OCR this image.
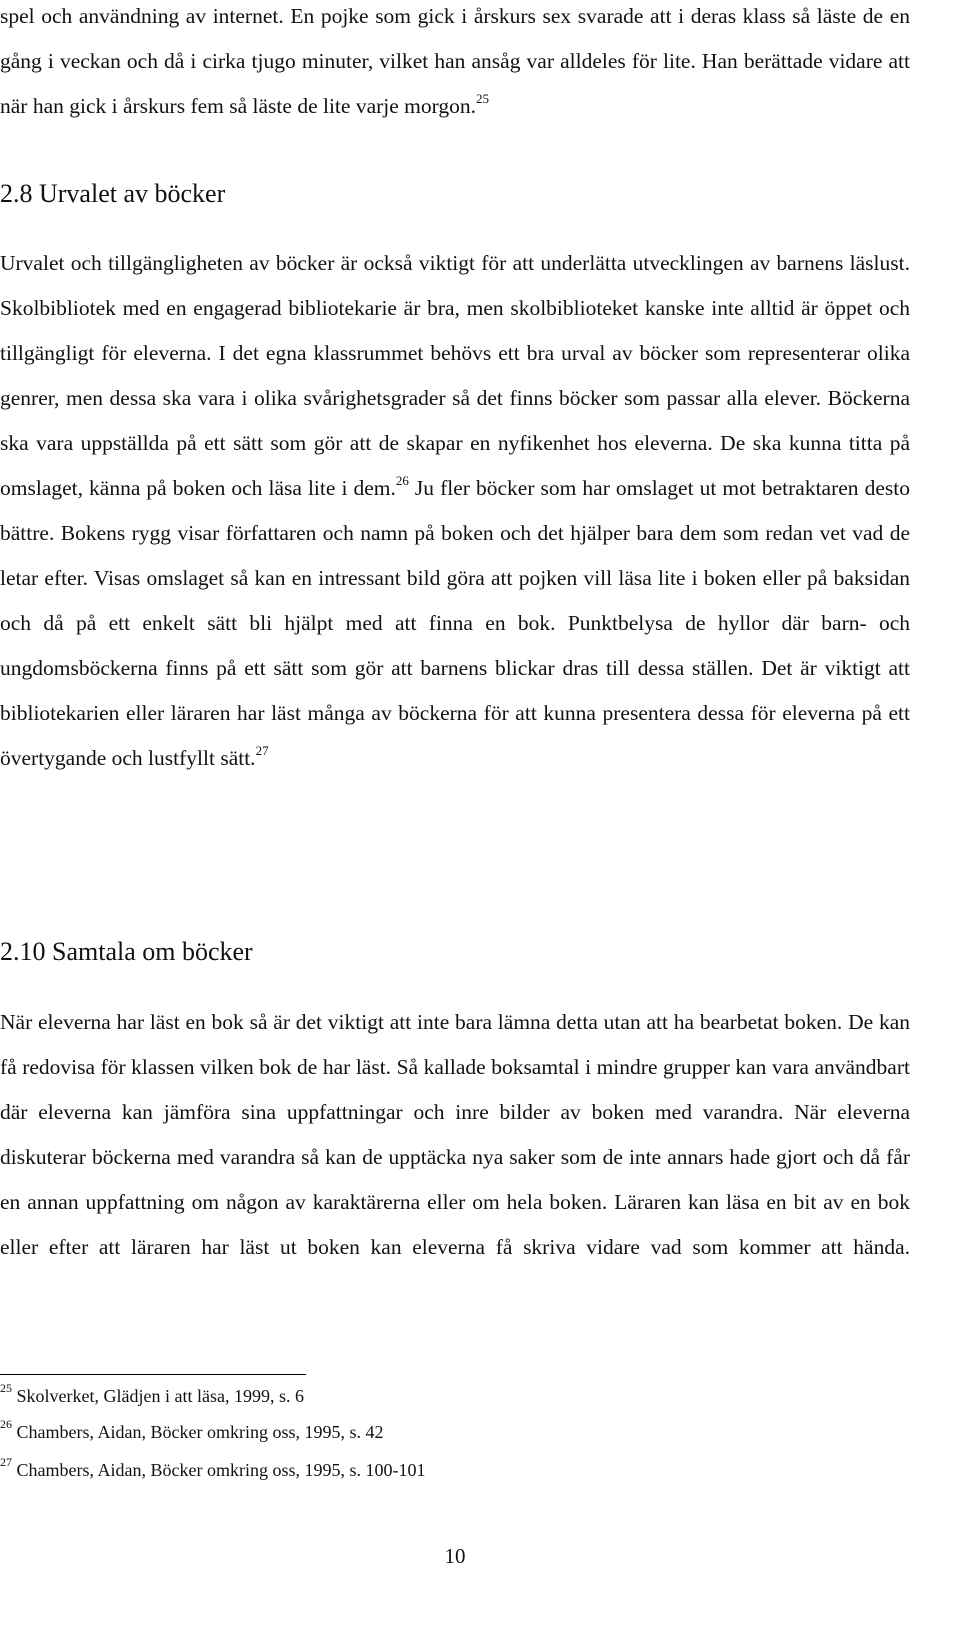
spel och användning av internet. En pojke som gick i årskurs sex svarade att i deras klass så läste de en gång i veckan och då i cirka tjugo minuter, vilket han ansåg var alldeles för lite. Han berättade vidare att när han gick i årskurs fem så läste de lite varje morgon.$^{25}$

2.8 Urvalet av böcker

Urvalet och tillgängligheten av böcker är också viktigt för att underlätta utvecklingen av barnens läslust. Skolbibliotek med en engagerad bibliotekarie är bra, men skolbiblioteket kanske inte alltid är öppet och tillgängligt för eleverna. I det egna klassrummet behövs ett bra urval av böcker som representerar olika genrer, men dessa ska vara i olika svårighetsgrader så det finns böcker som passar alla elever. Böckerna ska vara uppställda på ett sätt som gör att de skapar en nyfikenhet hos eleverna. De ska kunna titta på omslaget, känna på boken och läsa lite i dem.$^{26}$ Ju fler böcker som har omslaget ut mot betraktaren desto bättre. Bokens rygg visar författaren och namn på boken och det hjälper bara dem som redan vet vad de letar efter. Visas omslaget så kan en intressant bild göra att pojken vill läsa lite i boken eller på baksidan och då på ett enkelt sätt bli hjälpt med att finna en bok. Punktbelysa de hyllor där barn- och ungdomsböckerna finns på ett sätt som gör att barnens blickar dras till dessa ställen. Det är viktigt att bibliotekarien eller läraren har läst många av böckerna för att kunna presentera dessa för eleverna på ett övertygande och lustfyllt sätt.$^{27}$

2.10 Samtala om böcker

När eleverna har läst en bok så är det viktigt att inte bara lämna detta utan att ha bearbetat boken. De kan få redovisa för klassen vilken bok de har läst. Så kallade boksamtal i mindre grupper kan vara användbart där eleverna kan jämföra sina uppfattningar och inre bilder av boken med varandra. När eleverna diskuterar böckerna med varandra så kan de upptäcka nya saker som de inte annars hade gjort och då får en annan uppfattning om någon av karaktärerna eller om hela boken. Läraren kan läsa en bit av en bok eller efter att läraren har läst ut boken kan eleverna få skriva vidare vad som kommer att hända.

$^{25}$ Skolverket, Glädjen i att läsa, 1999, s. 6

$^{26}$ Chambers, Aidan, Böcker omkring oss, 1995, s. 42

$^{27}$ Chambers, Aidan, Böcker omkring oss, 1995, s. 100-101

10
